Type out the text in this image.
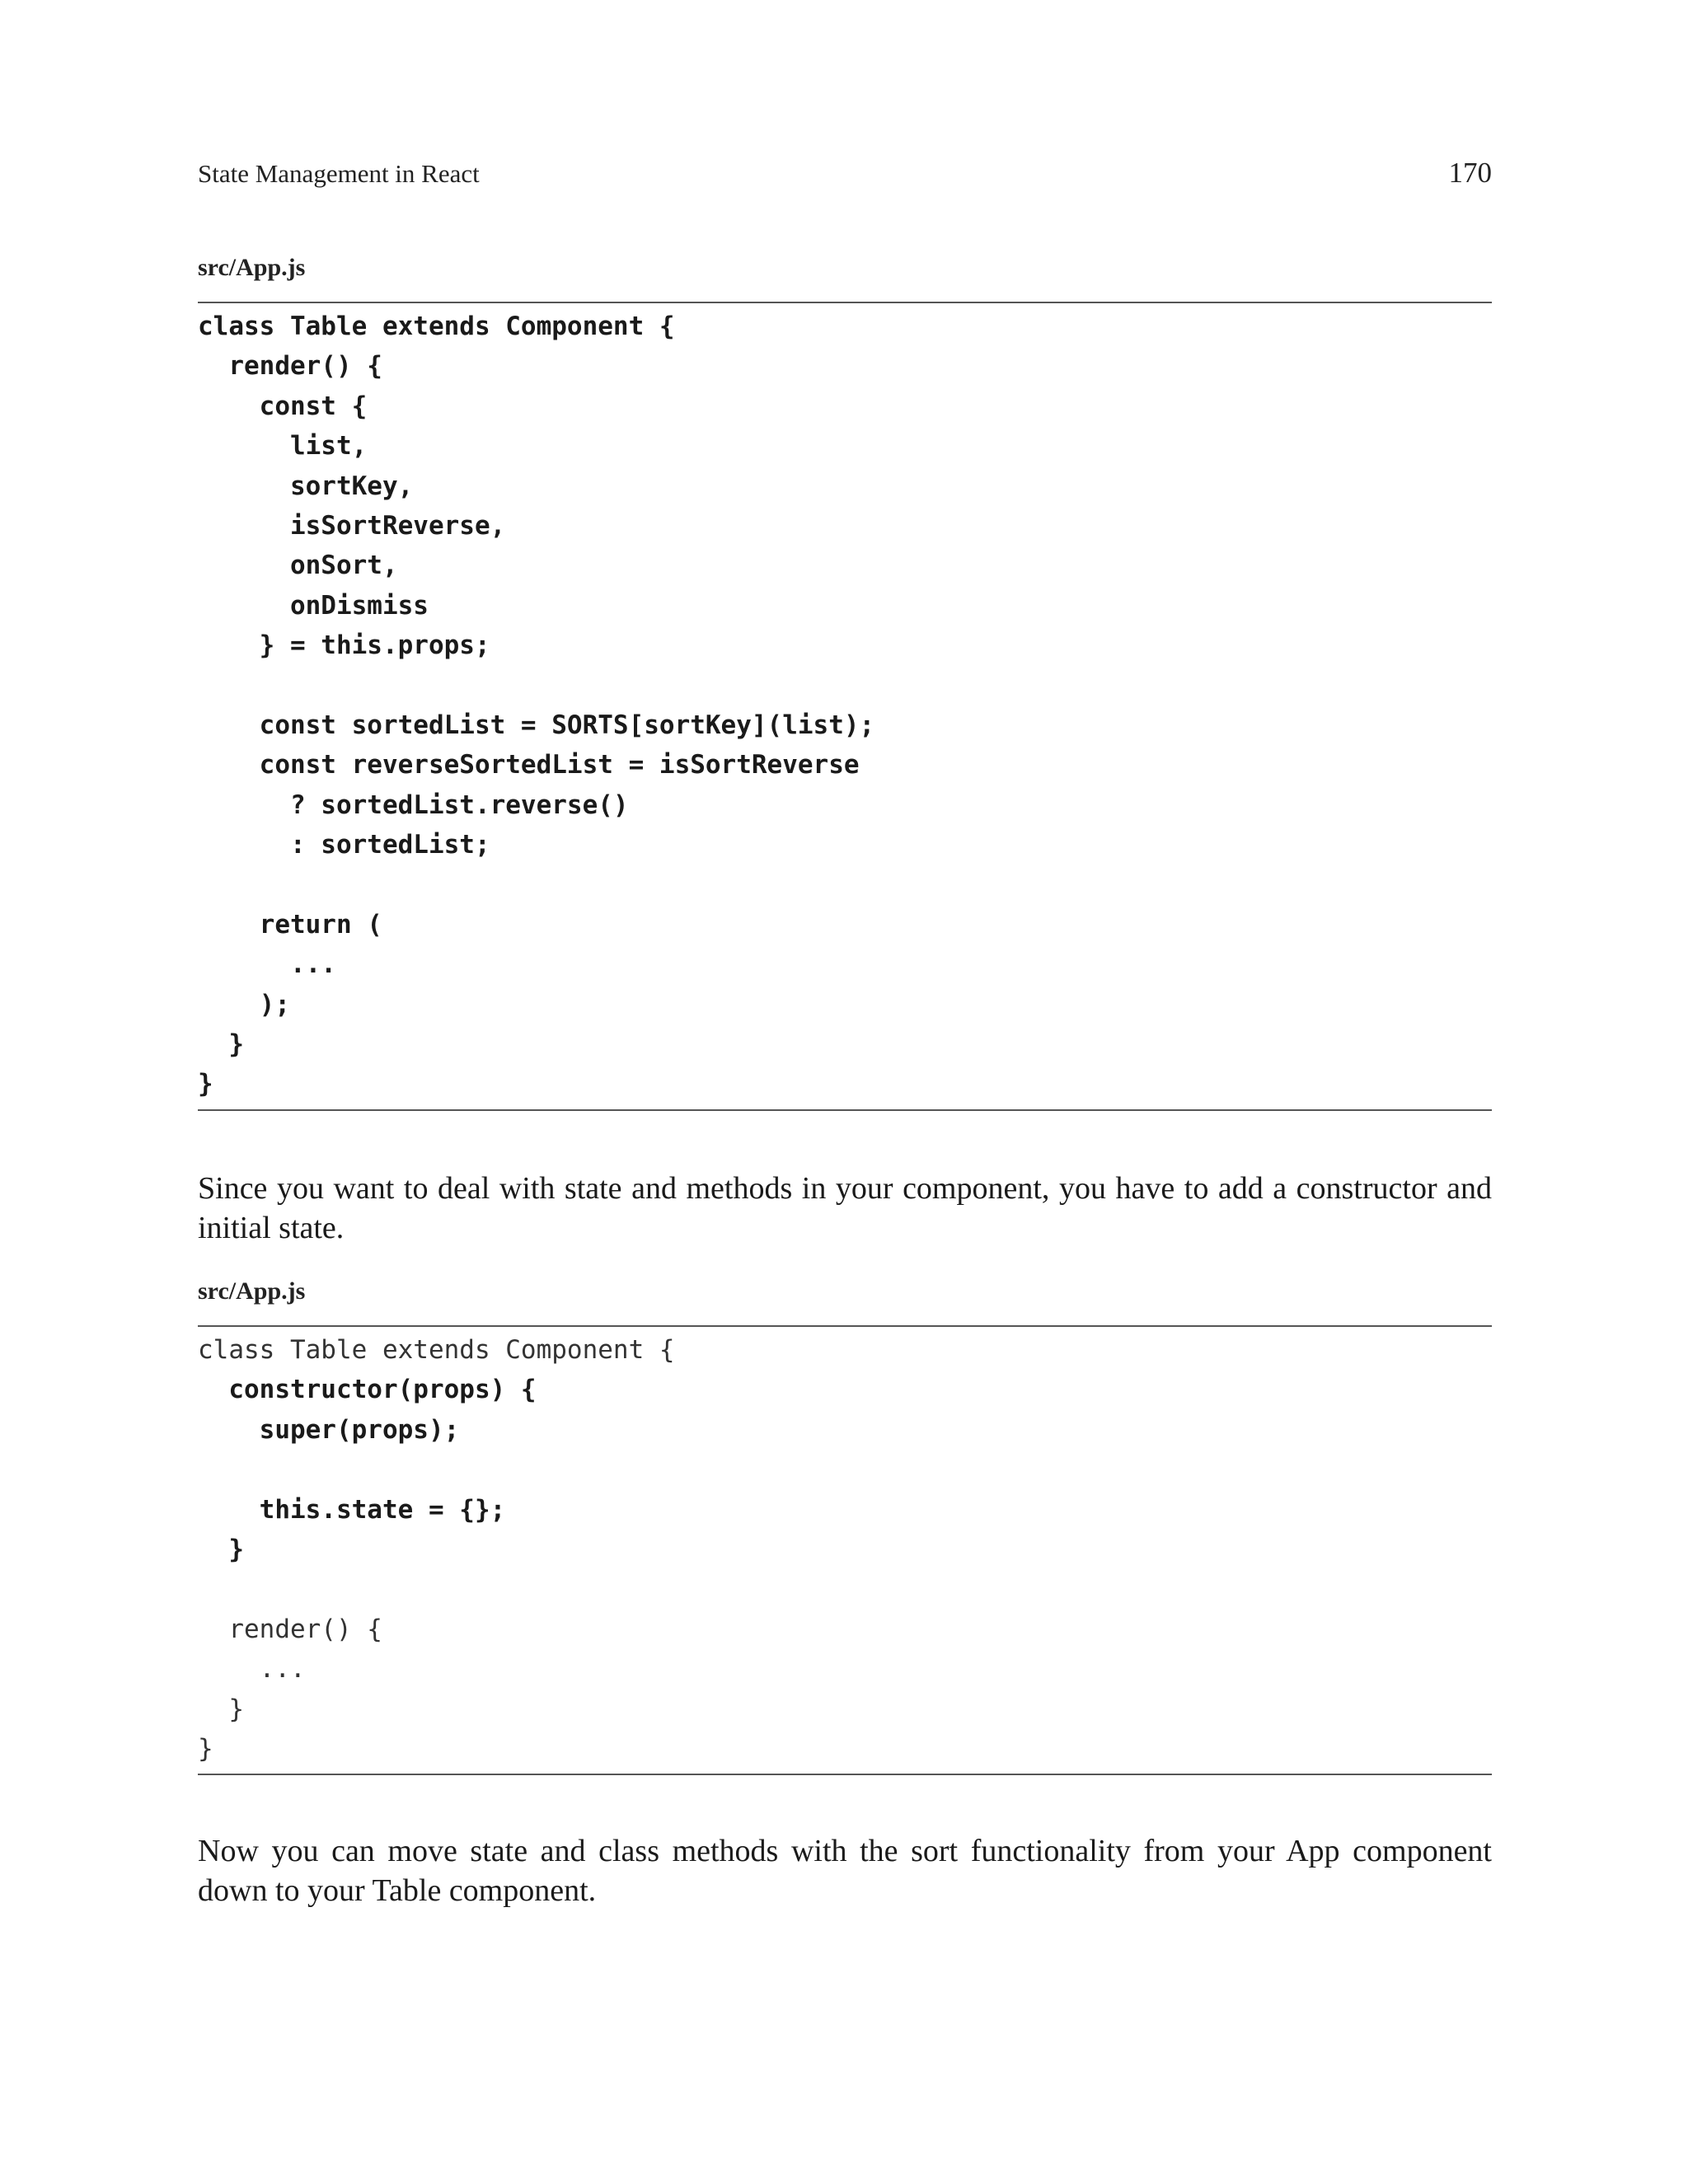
State Management in React	170
src/App.js
class Table extends Component {
render() {
const {
list,
sortKey,
isSortReverse,
onSort,
onDismiss
} = this.props;
const sortedList = SORTS[sortKey](list);
const reverseSortedList = isSortReverse
? sortedList.reverse()
: sortedList;
return (
...
);
}
}
Since you want to deal with state and methods in your component, you have to add a constructor and initial state.
src/App.js
class Table extends Component {
constructor(props) {
super(props);
this.state = {};
}
render() {
...
}
}
Now you can move state and class methods with the sort functionality from your App component down to your Table component.
